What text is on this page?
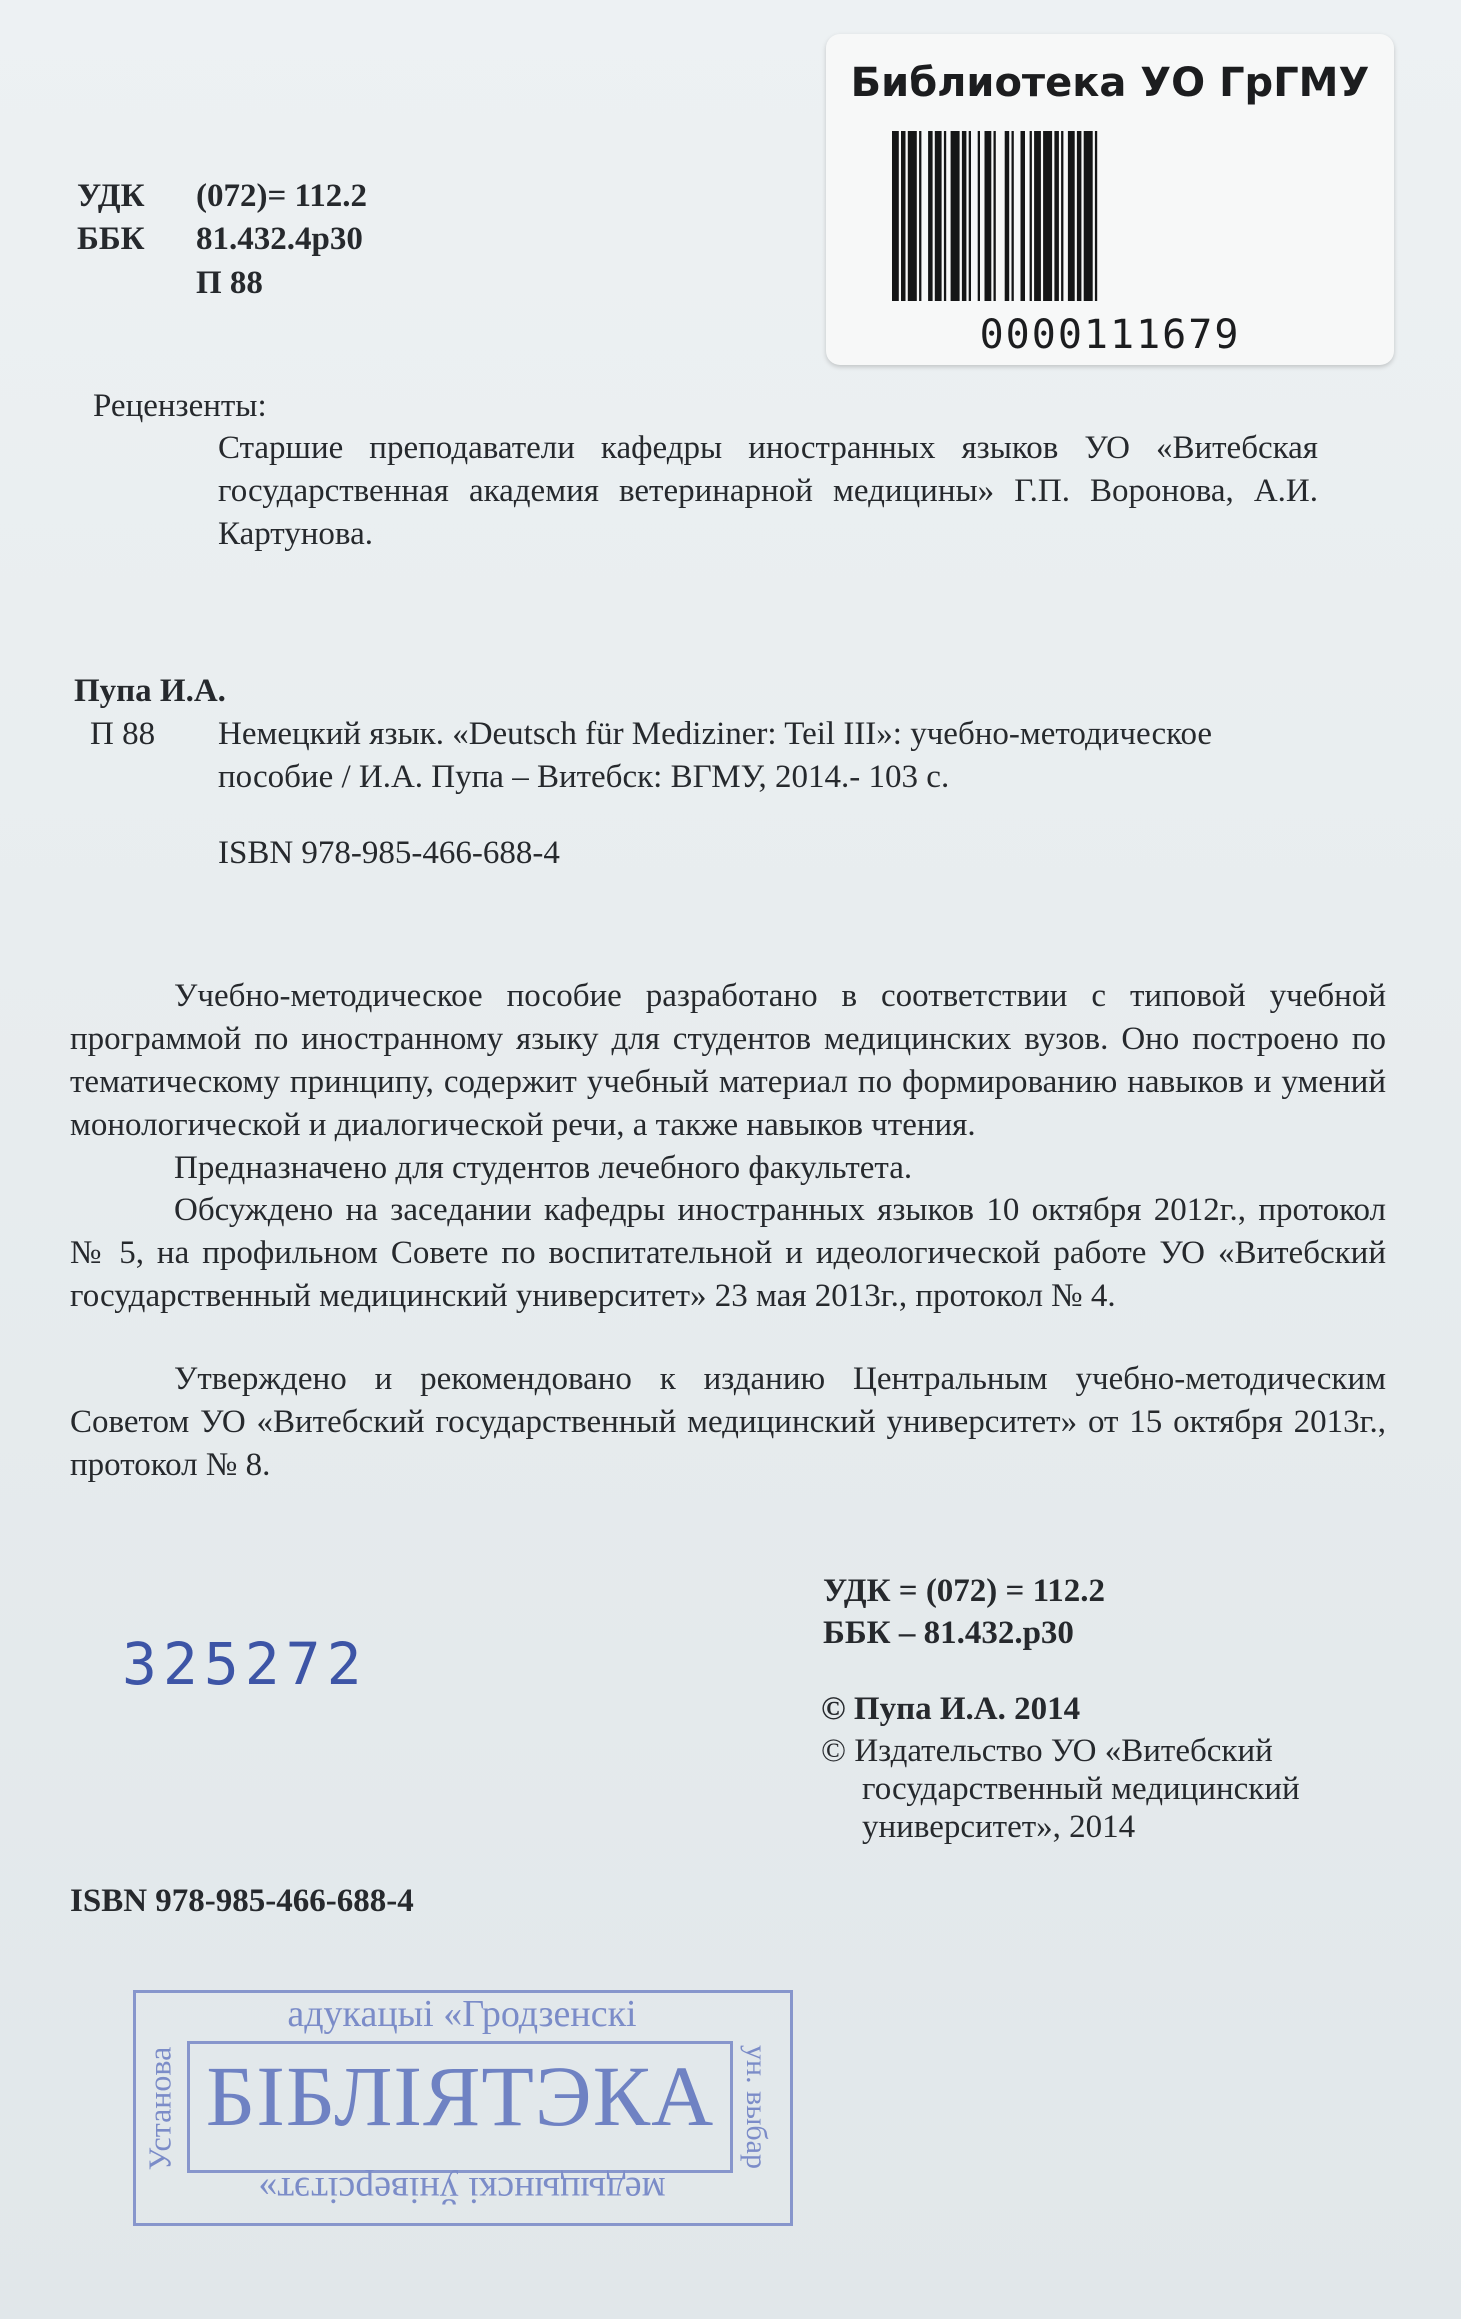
Библиотека УО ГрГМУ
0000111679
УДК (072)= 112.2
ББК 81.432.4р30
П 88
Рецензенты:
Старшие преподаватели кафедры иностранных языков УО «Витебская государственная академия ветеринарной медицины» Г.П. Воронова, А.И. Картунова.
Пупа И.А.
П 88 Немецкий язык. «Deutsch für Mediziner: Teil III»: учебно-методическое пособие / И.А. Пупа – Витебск: ВГМУ, 2014.- 103 с.
ISBN 978-985-466-688-4
Учебно-методическое пособие разработано в соответствии с типовой учебной программой по иностранному языку для студентов медицинских вузов. Оно построено по тематическому принципу, содержит учебный материал по формированию навыков и умений монологической и диалогической речи, а также навыков чтения.
Предназначено для студентов лечебного факультета.
Обсуждено на заседании кафедры иностранных языков 10 октября 2012г., протокол № 5, на профильном Совете по воспитательной и идеологической работе УО «Витебский государственный медицинский университет» 23 мая 2013г., протокол № 4.
Утверждено и рекомендовано к изданию Центральным учебно-методическим Советом УО «Витебский государственный медицинский университет» от 15 октября 2013г., протокол № 8.
УДК = (072) = 112.2
ББК – 81.432.р30
© Пупа И.А. 2014
© Издательство УО «Витебский
государственный медицинский
университет», 2014
325272
ISBN 978-985-466-688-4
адукацыі «Гродзенскі
БІБЛІЯТЭКА
Установа	ун. выбар
медыцынскі ўніверсітэт»
